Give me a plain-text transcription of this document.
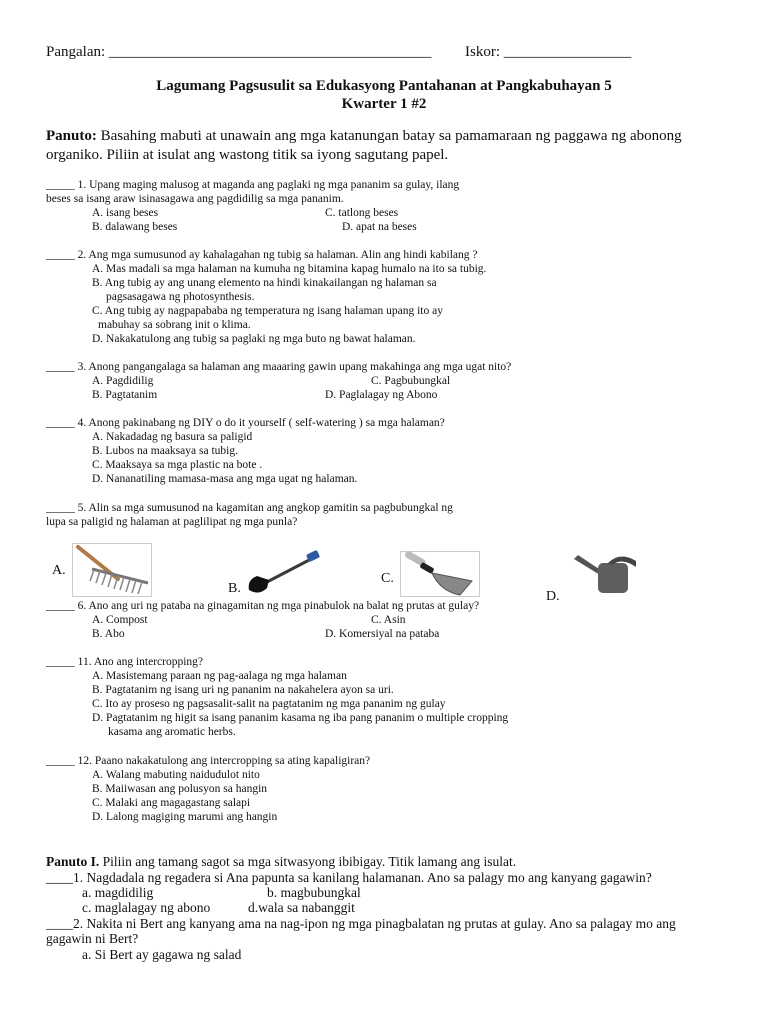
Pangalan: ___________________________________________ Iskor: _________________
Lagumang Pagsusulit sa Edukasyong Pantahanan at Pangkabuhayan 5
Kwarter 1 #2
Panuto: Basahing mabuti at unawain ang mga katanungan batay sa pamamaraan ng paggawa ng abonong
organiko. Piliin at isulat ang wastong titik sa iyong sagutang papel.
_____ 1. Upang maging malusog at maganda ang paglaki ng mga pananim sa gulay, ilang
beses sa isang araw isinasagawa ang pagdidilig sa mga pananim.
A. isang beses	C. tatlong beses
B. dalawang beses	D. apat na beses
_____ 2. Ang mga sumusunod ay kahalagahan ng tubig sa halaman. Alin ang hindi kabilang ?
A. Mas madali sa mga halaman na kumuha ng bitamina kapag humalo na ito sa tubig.
B. Ang tubig ay ang unang elemento na hindi kinakailangan ng halaman sa
pagsasagawa ng photosynthesis.
C. Ang tubig ay nagpapababa ng temperatura ng isang halaman upang ito ay
mabuhay sa sobrang init o klima.
D. Nakakatulong ang tubig sa paglaki ng mga buto ng bawat halaman.
_____ 3. Anong pangangalaga sa halaman ang maaaring gawin upang makahinga ang mga ugat nito?
A. Pagdidilig	C. Pagbubungkal
B. Pagtatanim	D. Paglalagay ng Abono
_____ 4. Anong pakinabang ng DIY o do it yourself ( self-watering ) sa mga halaman?
A. Nakadadag ng basura sa paligid
B. Lubos na maaksaya sa tubig.
C. Maaksaya sa mga plastic na bote .
D. Nananatiling mamasa-masa ang mga ugat ng halaman.
_____ 5. Alin sa mga sumusunod na kagamitan ang angkop gamitin sa pagbubungkal ng
lupa sa paligid ng halaman at paglilipat ng mga punla?
A.
B.
C.
D.
_____ 6. Ano ang uri ng pataba na ginagamitan ng mga pinabulok na balat ng prutas at gulay?
A. Compost	C. Asin
B. Abo	D. Komersiyal na pataba
_____ 11. Ano ang intercropping?
A. Masistemang paraan ng pag-aalaga ng mga halaman
B. Pagtatanim ng isang uri ng pananim na nakahelera ayon sa uri.
C. Ito ay proseso ng pagsasalit-salit na pagtatanim ng mga pananim ng gulay
D. Pagtatanim ng higit sa isang pananim kasama ng iba pang pananim o multiple cropping
kasama ang aromatic herbs.
_____ 12. Paano nakakatulong ang intercropping sa ating kapaligiran?
A. Walang mabuting naidudulot nito
B. Maiiwasan ang polusyon sa hangin
C. Malaki ang magagastang salapi
D. Lalong magiging marumi ang hangin
Panuto I. Piliin ang tamang sagot sa mga sitwasyong ibibigay. Titik lamang ang isulat.
____1. Nagdadala ng regadera si Ana papunta sa kanilang halamanan. Ano sa palagy mo ang kanyang gagawin?
a. magdidilig	b. magbubungkal
c. maglalagay ng abono	d.wala sa nabanggit
____2. Nakita ni Bert ang kanyang ama na nag-ipon ng mga pinagbalatan ng prutas at gulay. Ano sa palagay mo ang
gagawin ni Bert?
a. Si Bert ay gagawa ng salad
